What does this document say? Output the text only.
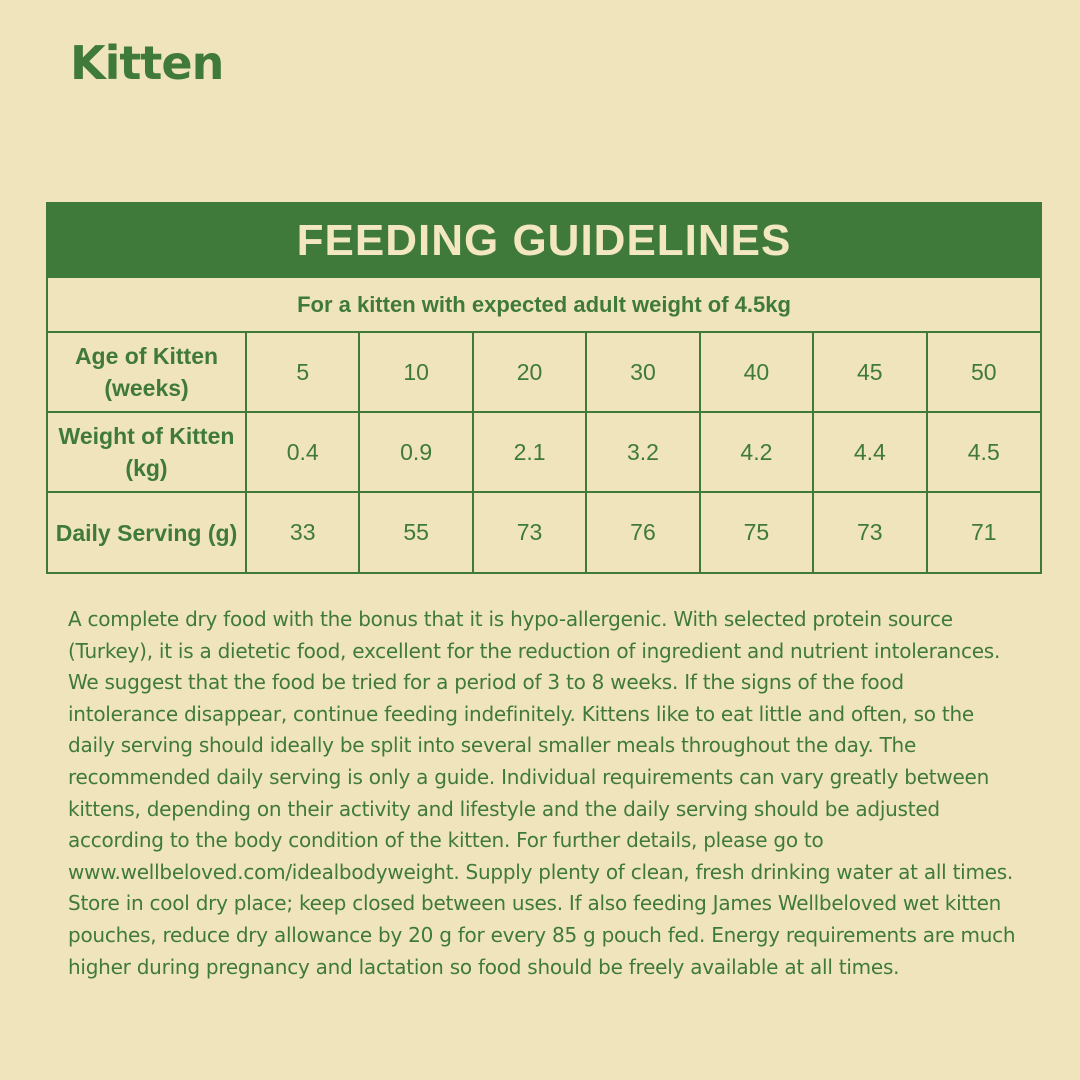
Kitten
FEEDING GUIDELINES
For a kitten with expected adult weight of 4.5kg							
Age of Kitten (weeks)	5	10	20	30	40	45	50
Weight of Kitten (kg)	0.4	0.9	2.1	3.2	4.2	4.4	4.5
Daily Serving (g)	33	55	73	76	75	73	71

A complete dry food with the bonus that it is hypo-allergenic. With selected protein source (Turkey), it is a dietetic food, excellent for the reduction of ingredient and nutrient intolerances. We suggest that the food be tried for a period of 3 to 8 weeks. If the signs of the food intolerance disappear, continue feeding indefinitely. Kittens like to eat little and often, so the daily serving should ideally be split into several smaller meals throughout the day. The recommended daily serving is only a guide. Individual requirements can vary greatly between kittens, depending on their activity and lifestyle and the daily serving should be adjusted according to the body condition of the kitten. For further details, please go to www.wellbeloved.com/idealbodyweight. Supply plenty of clean, fresh drinking water at all times. Store in cool dry place; keep closed between uses. If also feeding James Wellbeloved wet kitten pouches, reduce dry allowance by 20 g for every 85 g pouch fed. Energy requirements are much higher during pregnancy and lactation so food should be freely available at all times.
